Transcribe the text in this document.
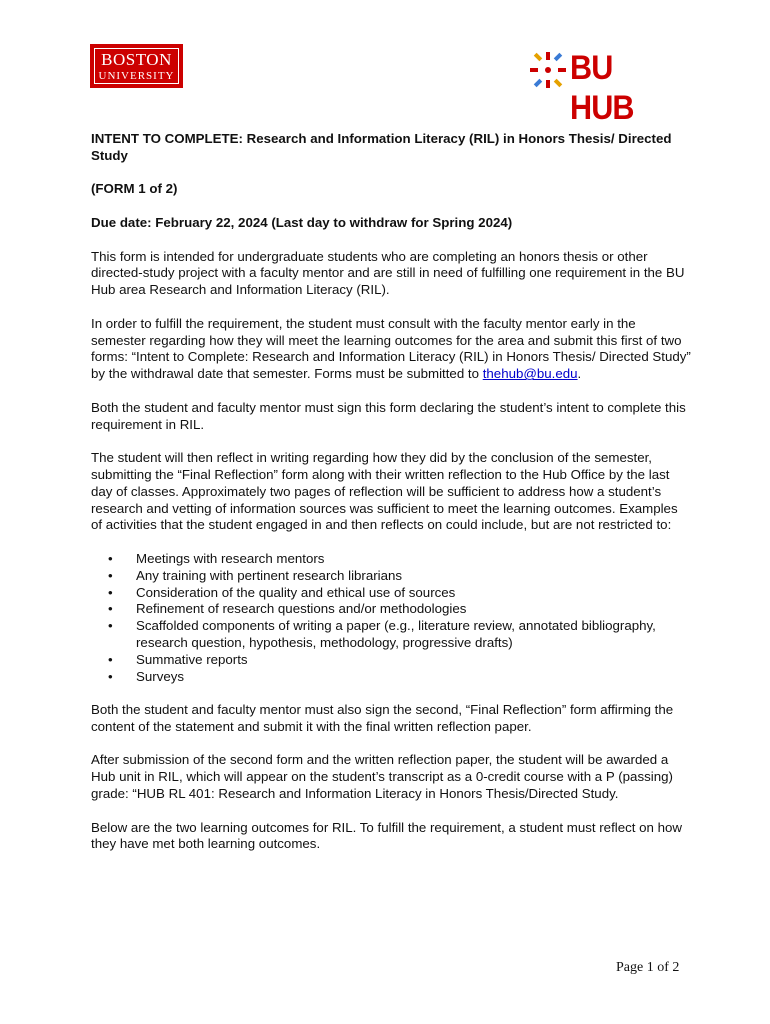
BOSTON
UNIVERSITY	BU HUB

INTENT TO COMPLETE: Research and Information Literacy (RIL) in Honors Thesis/ Directed Study

(FORM 1 of 2)

Due date: February 22, 2024 (Last day to withdraw for Spring 2024)

This form is intended for undergraduate students who are completing an honors thesis or other directed-study project with a faculty mentor and are still in need of fulfilling one requirement in the BU Hub area Research and Information Literacy (RIL).

In order to fulfill the requirement, the student must consult with the faculty mentor early in the semester regarding how they will meet the learning outcomes for the area and submit this first of two forms: “Intent to Complete: Research and Information Literacy (RIL) in Honors Thesis/ Directed Study” by the withdrawal date that semester. Forms must be submitted to thehub@bu.edu.

Both the student and faculty mentor must sign this form declaring the student’s intent to complete this requirement in RIL.

The student will then reflect in writing regarding how they did by the conclusion of the semester, submitting the “Final Reflection” form along with their written reflection to the Hub Office by the last day of classes. Approximately two pages of reflection will be sufficient to address how a student’s research and vetting of information sources was sufficient to meet the learning outcomes. Examples of activities that the student engaged in and then reflects on could include, but are not restricted to:

• Meetings with research mentors
• Any training with pertinent research librarians
• Consideration of the quality and ethical use of sources
• Refinement of research questions and/or methodologies
• Scaffolded components of writing a paper (e.g., literature review, annotated bibliography, research question, hypothesis, methodology, progressive drafts)
• Summative reports
• Surveys

Both the student and faculty mentor must also sign the second, “Final Reflection” form affirming the content of the statement and submit it with the final written reflection paper.

After submission of the second form and the written reflection paper, the student will be awarded a Hub unit in RIL, which will appear on the student’s transcript as a 0-credit course with a P (passing) grade: “HUB RL 401: Research and Information Literacy in Honors Thesis/Directed Study.

Below are the two learning outcomes for RIL. To fulfill the requirement, a student must reflect on how they have met both learning outcomes.

Page 1 of 2
